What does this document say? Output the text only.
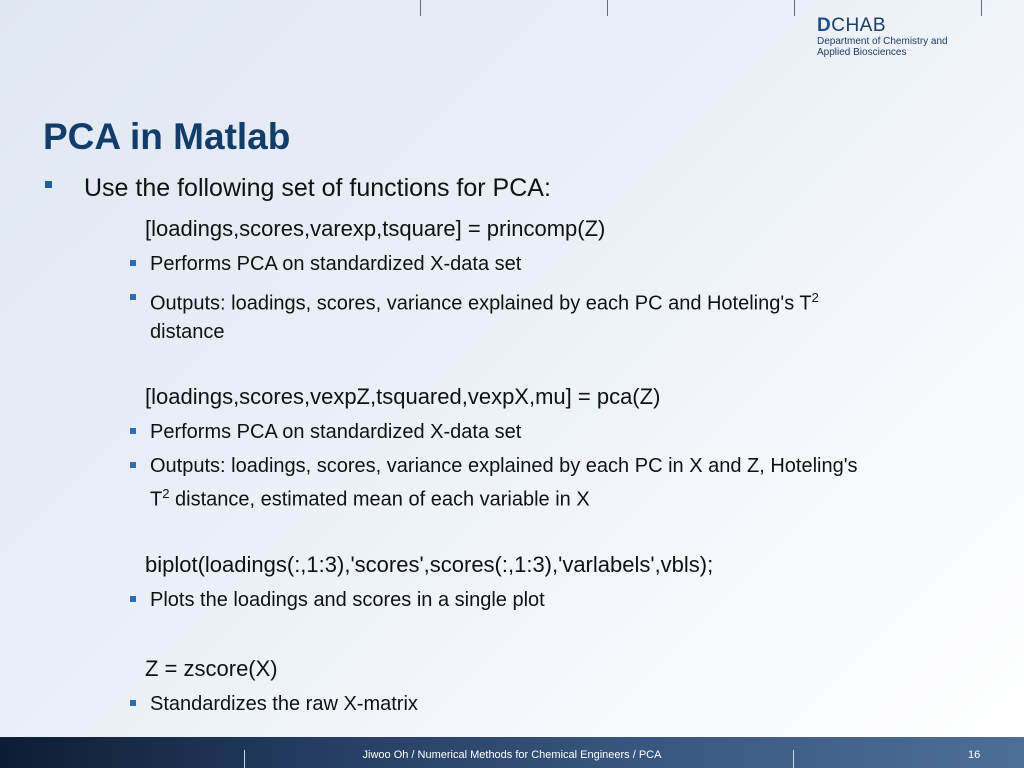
DCHAB
Department of Chemistry and
Applied Biosciences
PCA in Matlab
Use the following set of functions for PCA:
[loadings,scores,varexp,tsquare] = princomp(Z)
Performs PCA on standardized X-data set
Outputs: loadings, scores, variance explained by each PC and Hoteling's $T^2$
distance
[loadings,scores,vexpZ,tsquared,vexpX,mu] = pca(Z)
Performs PCA on standardized X-data set
Outputs: loadings, scores, variance explained by each PC in X and Z, Hoteling's
$T^2$ distance, estimated mean of each variable in X
biplot(loadings(:,1:3),'scores',scores(:,1:3),'varlabels',vbls);
Plots the loadings and scores in a single plot
Z = zscore(X)
Standardizes the raw X-matrix
Jiwoo Oh / Numerical Methods for Chemical Engineers / PCA	16
